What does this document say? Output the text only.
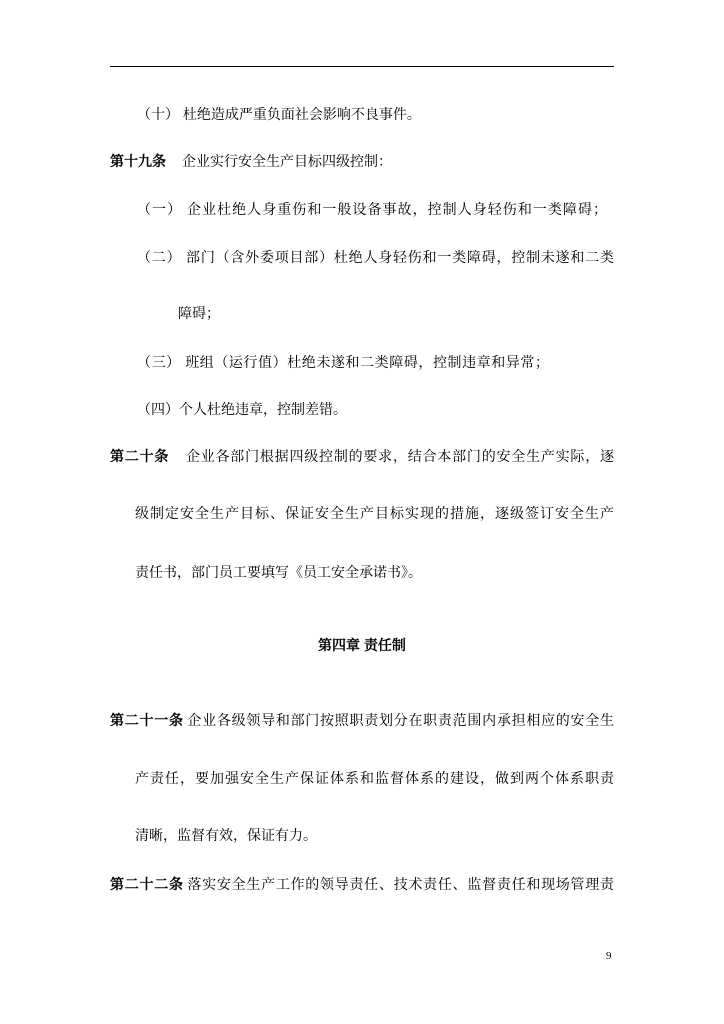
（十） 杜绝造成严重负面社会影响不良事件。
第十九条 企业实行安全生产目标四级控制：
（一） 企业杜绝人身重伤和一般设备事故，控制人身轻伤和一类障碍；
（二） 部门（含外委项目部）杜绝人身轻伤和一类障碍，控制未遂和二类
障碍；
（三） 班组（运行值）杜绝未遂和二类障碍，控制违章和异常；
（四）个人杜绝违章，控制差错。
第二十条 企业各部门根据四级控制的要求，结合本部门的安全生产实际，逐
级制定安全生产目标、保证安全生产目标实现的措施，逐级签订安全生产
责任书，部门员工要填写《员工安全承诺书》。
第四章 责任制
第二十一条 企业各级领导和部门按照职责划分在职责范围内承担相应的安全生
产责任，要加强安全生产保证体系和监督体系的建设，做到两个体系职责
清晰，监督有效，保证有力。
第二十二条 落实安全生产工作的领导责任、技术责任、监督责任和现场管理责
9
